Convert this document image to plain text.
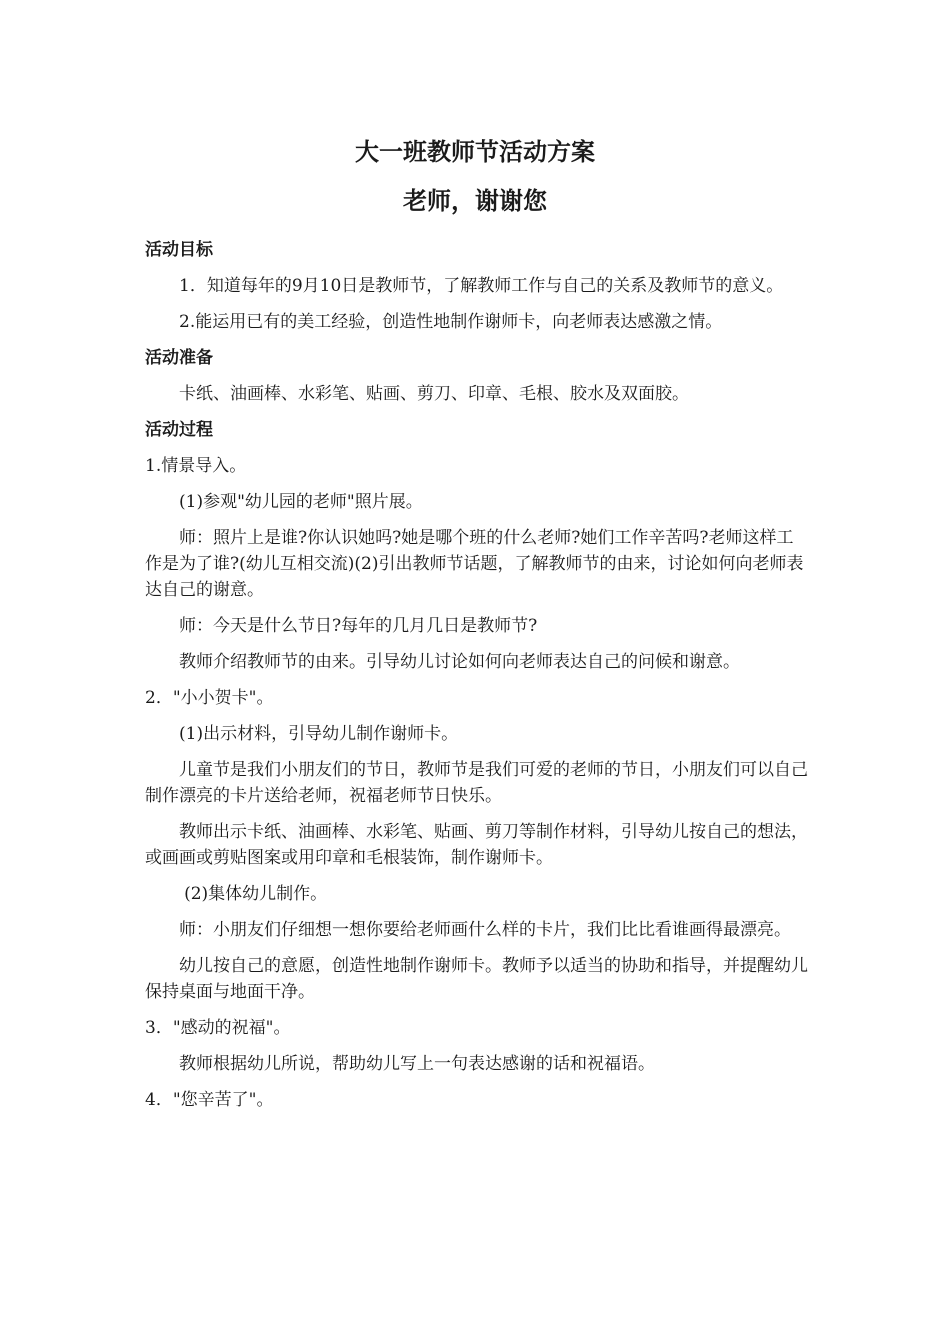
大一班教师节活动方案
老师，谢谢您

活动目标

1．知道每年的9月10日是教师节，了解教师工作与自己的关系及教师节的意义。

2.能运用已有的美工经验，创造性地制作谢师卡，向老师表达感激之情。

活动准备

卡纸、油画棒、水彩笔、贴画、剪刀、印章、毛根、胶水及双面胶。

活动过程

1.情景导入。

(1)参观"幼儿园的老师"照片展。

师：照片上是谁?你认识她吗?她是哪个班的什么老师?她们工作辛苦吗?老师这样工作是为了谁?(幼儿互相交流)(2)引出教师节话题，了解教师节的由来，讨论如何向老师表达自己的谢意。

师：今天是什么节日?每年的几月几日是教师节?

教师介绍教师节的由来。引导幼儿讨论如何向老师表达自己的问候和谢意。

2．"小小贺卡"。

(1)出示材料，引导幼儿制作谢师卡。

儿童节是我们小朋友们的节日，教师节是我们可爱的老师的节日，小朋友们可以自己制作漂亮的卡片送给老师，祝福老师节日快乐。

教师出示卡纸、油画棒、水彩笔、贴画、剪刀等制作材料，引导幼儿按自己的想法，或画画或剪贴图案或用印章和毛根装饰，制作谢师卡。

(2)集体幼儿制作。

师：小朋友们仔细想一想你要给老师画什么样的卡片，我们比比看谁画得最漂亮。

幼儿按自己的意愿，创造性地制作谢师卡。教师予以适当的协助和指导，并提醒幼儿保持桌面与地面干净。

3．"感动的祝福"。

教师根据幼儿所说，帮助幼儿写上一句表达感谢的话和祝福语。

4．"您辛苦了"。
